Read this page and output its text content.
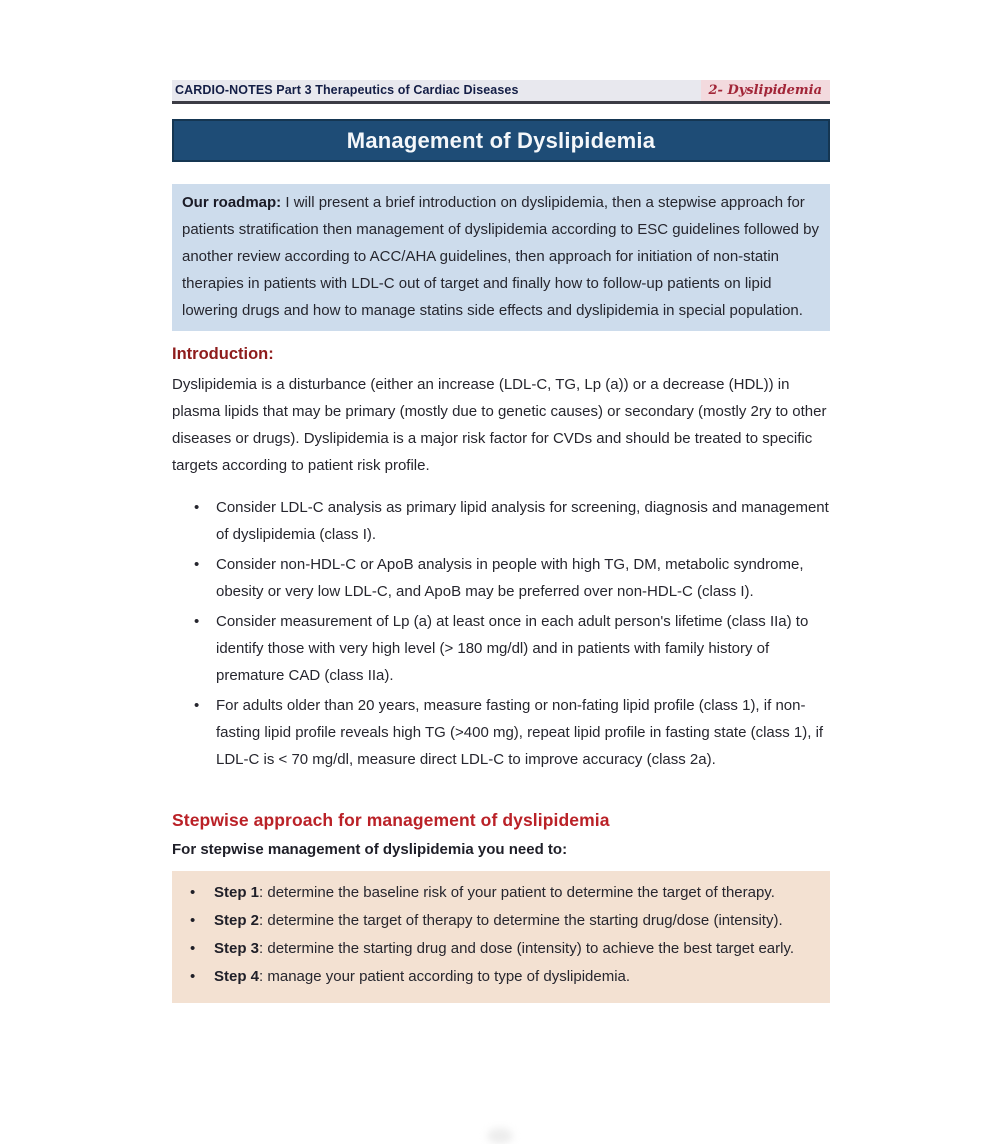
CARDIO-NOTES Part 3 Therapeutics of Cardiac Diseases	2- Dyslipidemia
Management of Dyslipidemia
Our roadmap: I will present a brief introduction on dyslipidemia, then a stepwise approach for patients stratification then management of dyslipidemia according to ESC guidelines followed by another review according to ACC/AHA guidelines, then approach for initiation of non-statin therapies in patients with LDL-C out of target and finally how to follow-up patients on lipid lowering drugs and how to manage statins side effects and dyslipidemia in special population.
Introduction:
Dyslipidemia is a disturbance (either an increase (LDL-C, TG, Lp (a)) or a decrease (HDL)) in plasma lipids that may be primary (mostly due to genetic causes) or secondary (mostly 2ry to other diseases or drugs). Dyslipidemia is a major risk factor for CVDs and should be treated to specific targets according to patient risk profile.
• Consider LDL-C analysis as primary lipid analysis for screening, diagnosis and management of dyslipidemia (class I).
• Consider non-HDL-C or ApoB analysis in people with high TG, DM, metabolic syndrome, obesity or very low LDL-C, and ApoB may be preferred over non-HDL-C (class I).
• Consider measurement of Lp (a) at least once in each adult person's lifetime (class IIa) to identify those with very high level (> 180 mg/dl) and in patients with family history of premature CAD (class IIa).
• For adults older than 20 years, measure fasting or non-fating lipid profile (class 1), if non-fasting lipid profile reveals high TG (>400 mg), repeat lipid profile in fasting state (class 1), if LDL-C is < 70 mg/dl, measure direct LDL-C to improve accuracy (class 2a).
Stepwise approach for management of dyslipidemia
For stepwise management of dyslipidemia you need to:
• Step 1: determine the baseline risk of your patient to determine the target of therapy.
• Step 2: determine the target of therapy to determine the starting drug/dose (intensity).
• Step 3: determine the starting drug and dose (intensity) to achieve the best target early.
• Step 4: manage your patient according to type of dyslipidemia.
